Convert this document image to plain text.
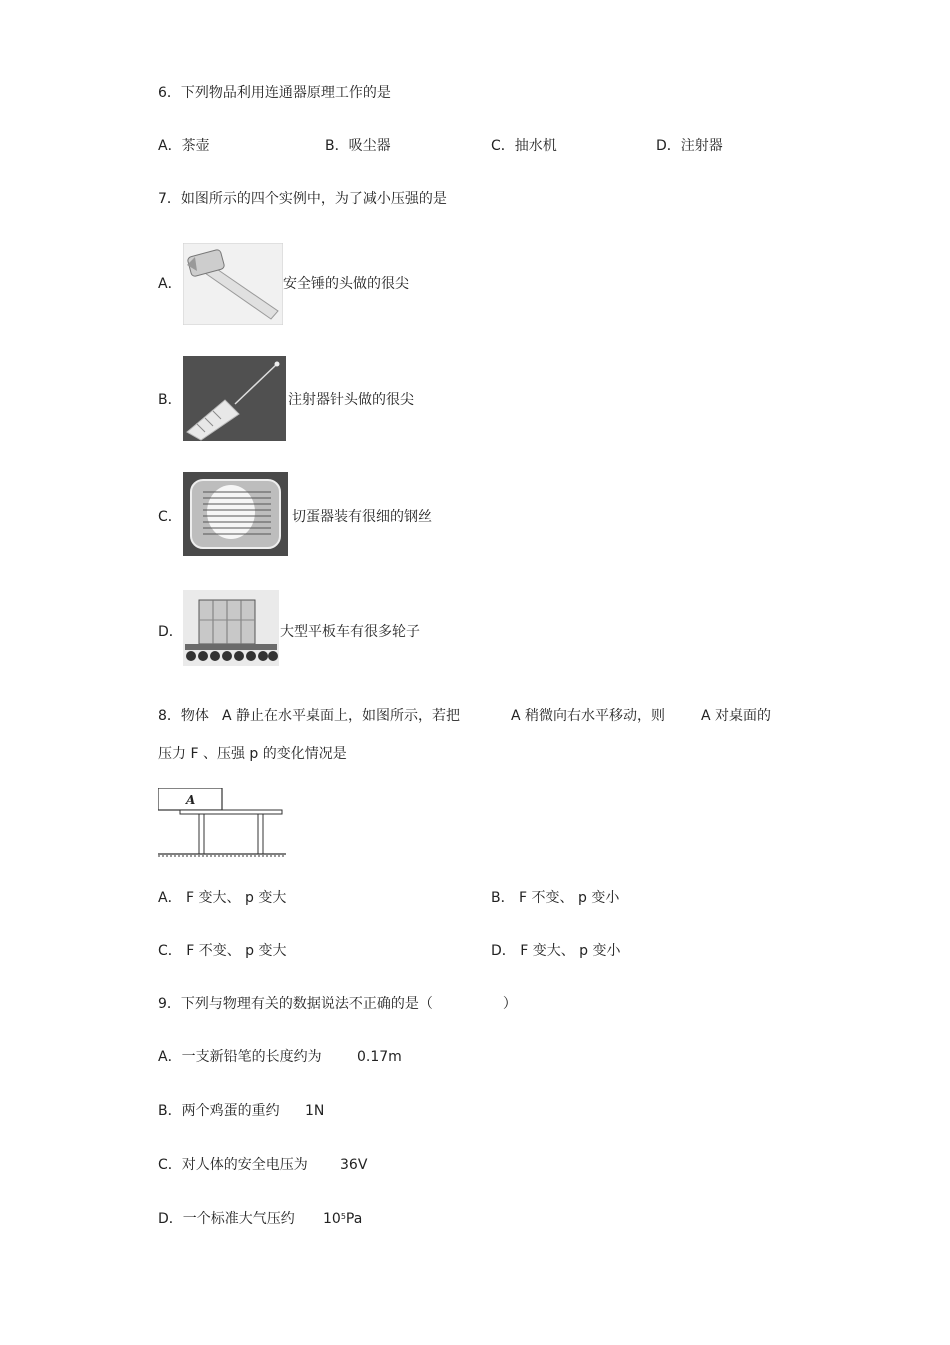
6．下列物品利用连通器原理工作的是
A．茶壶	B．吸尘器	C．抽水机	D．注射器
7．如图所示的四个实例中，为了减小压强的是
A．	安全锤的头做的很尖
B．	注射器针头做的很尖
C．	切蛋器装有很细的钢丝
D．	大型平板车有很多轮子
8．物体 A 静止在水平桌面上，如图所示，若把	A 稍微向右水平移动，则	A 对桌面的
压力 F 、压强 p 的变化情况是
A
A． F 变大、 p 变大	B． F 不变、 p 变小
C． F 不变、 p 变大	D． F 变大、 p 变小
9．下列与物理有关的数据说法不正确的是（　　　　　）
A．一支新铅笔的长度约为	0.17m
B．两个鸡蛋的重约 1N
C．对人体的安全电压为 36V
D．一个标准大气压约 $10^5Pa$
